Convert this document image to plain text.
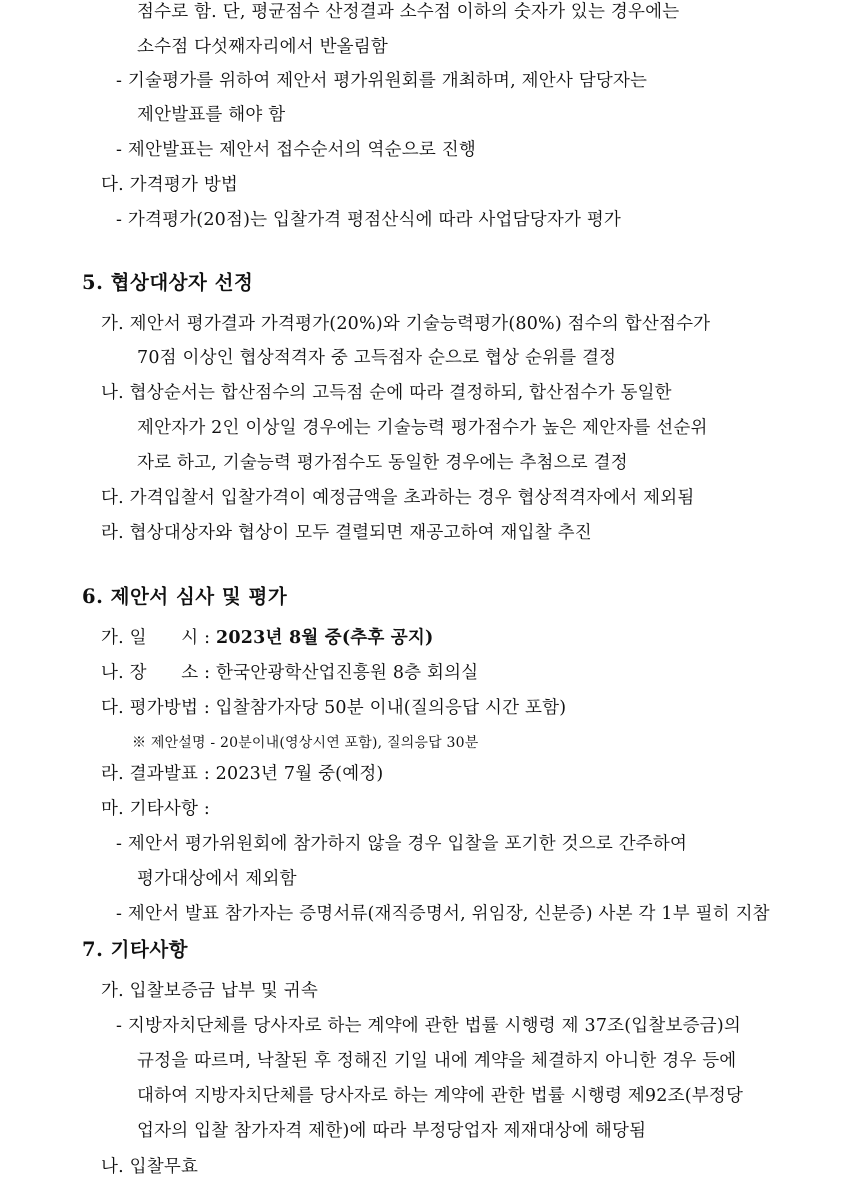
점수로 함. 단, 평균점수 산정결과 소수점 이하의 숫자가 있는 경우에는
소수점 다섯째자리에서 반올림함
- 기술평가를 위하여 제안서 평가위원회를 개최하며, 제안사 담당자는
제안발표를 해야 함
- 제안발표는 제안서 접수순서의 역순으로 진행
다. 가격평가 방법
- 가격평가(20점)는 입찰가격 평점산식에 따라 사업담당자가 평가
5. 협상대상자 선정
가. 제안서 평가결과 가격평가(20%)와 기술능력평가(80%) 점수의 합산점수가
70점 이상인 협상적격자 중 고득점자 순으로 협상 순위를 결정
나. 협상순서는 합산점수의 고득점 순에 따라 결정하되, 합산점수가 동일한
제안자가 2인 이상일 경우에는 기술능력 평가점수가 높은 제안자를 선순위
자로 하고, 기술능력 평가점수도 동일한 경우에는 추첨으로 결정
다. 가격입찰서 입찰가격이 예정금액을 초과하는 경우 협상적격자에서 제외됨
라. 협상대상자와 협상이 모두 결렬되면 재공고하여 재입찰 추진
6. 제안서 심사 및 평가
가. 일      시 : 2023년 8월 중(추후 공지)
나. 장      소 : 한국안광학산업진흥원 8층 회의실
다. 평가방법 : 입찰참가자당 50분 이내(질의응답 시간 포함)
※ 제안설명 - 20분이내(영상시연 포함), 질의응답 30분
라. 결과발표 : 2023년 7월 중(예정)
마. 기타사항 :
- 제안서 평가위원회에 참가하지 않을 경우 입찰을 포기한 것으로 간주하여
평가대상에서 제외함
- 제안서 발표 참가자는 증명서류(재직증명서, 위임장, 신분증) 사본 각 1부 필히 지참
7. 기타사항
가. 입찰보증금 납부 및 귀속
- 지방자치단체를 당사자로 하는 계약에 관한 법률 시행령 제 37조(입찰보증금)의
규정을 따르며, 낙찰된 후 정해진 기일 내에 계약을 체결하지 아니한 경우 등에
대하여 지방자치단체를 당사자로 하는 계약에 관한 법률 시행령 제92조(부정당
업자의 입찰 참가자격 제한)에 따라 부정당업자 제재대상에 해당됨
나. 입찰무효
